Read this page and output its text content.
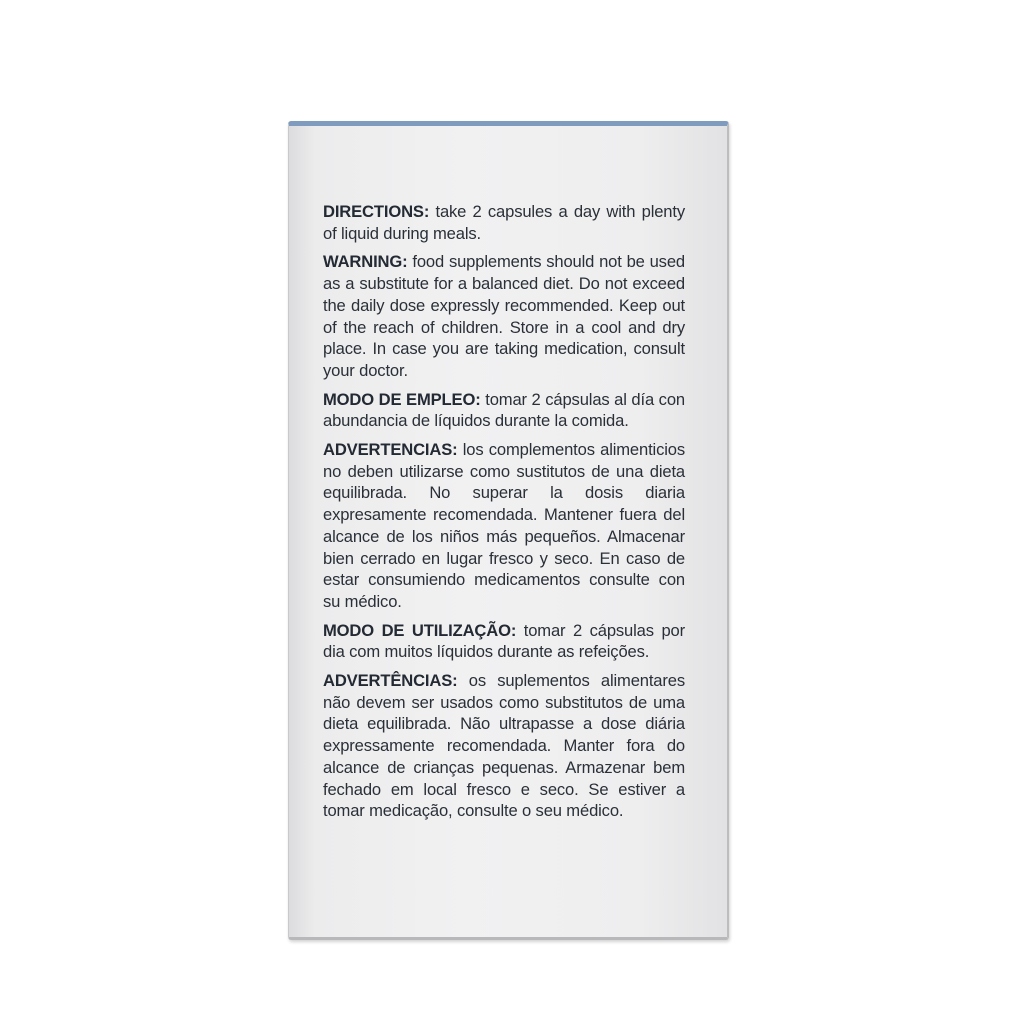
DIRECTIONS: take 2 capsules a day with plenty of liquid during meals.

WARNING: food supplements should not be used as a substitute for a balanced diet. Do not exceed the daily dose expressly recommended. Keep out of the reach of children. Store in a cool and dry place. In case you are taking medication, consult your doctor.

MODO DE EMPLEO: tomar 2 cápsulas al día con abundancia de líquidos durante la comida.

ADVERTENCIAS: los complementos alimenticios no deben utilizarse como sustitutos de una dieta equilibrada. No superar la dosis diaria expresamente recomendada. Mantener fuera del alcance de los niños más pequeños. Almacenar bien cerrado en lugar fresco y seco. En caso de estar consumiendo medicamentos consulte con su médico.

MODO DE UTILIZAÇÃO: tomar 2 cápsulas por dia com muitos líquidos durante as refeições.

ADVERTÊNCIAS: os suplementos alimentares não devem ser usados como substitutos de uma dieta equilibrada. Não ultrapasse a dose diária expressamente recomendada. Manter fora do alcance de crianças pequenas. Armazenar bem fechado em local fresco e seco. Se estiver a tomar medicação, consulte o seu médico.
